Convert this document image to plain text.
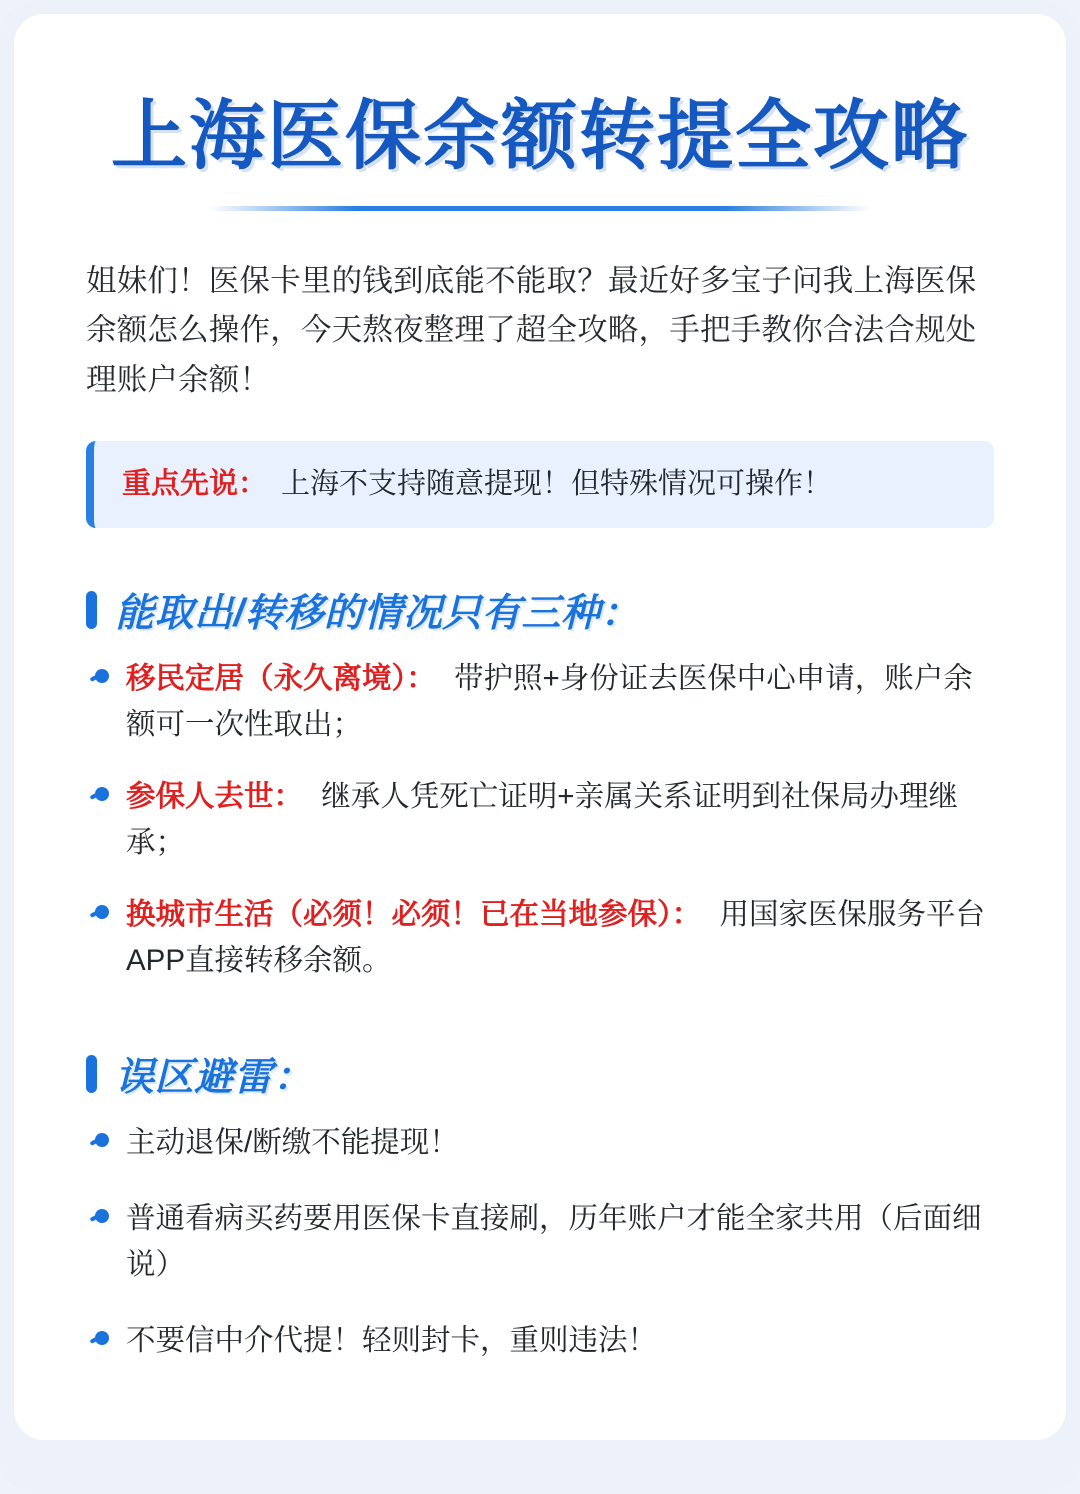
上海医保余额转提全攻略

姐妹们！医保卡里的钱到底能不能取？最近好多宝子问我上海医保余额怎么操作，今天熬夜整理了超全攻略，手把手教你合法合规处理账户余额！

重点先说： 上海不支持随意提现！但特殊情况可操作！
能取出/转移的情况只有三种：
移民定居（永久离境）： 带护照+身份证去医保中心申请，账户余额可一次性取出；
参保人去世： 继承人凭死亡证明+亲属关系证明到社保局办理继承；
换城市生活（必须！必须！已在当地参保）： 用国家医保服务平台APP直接转移余额。
误区避雷：
主动退保/断缴不能提现！
普通看病买药要用医保卡直接刷，历年账户才能全家共用（后面细说）
不要信中介代提！轻则封卡，重则违法！
